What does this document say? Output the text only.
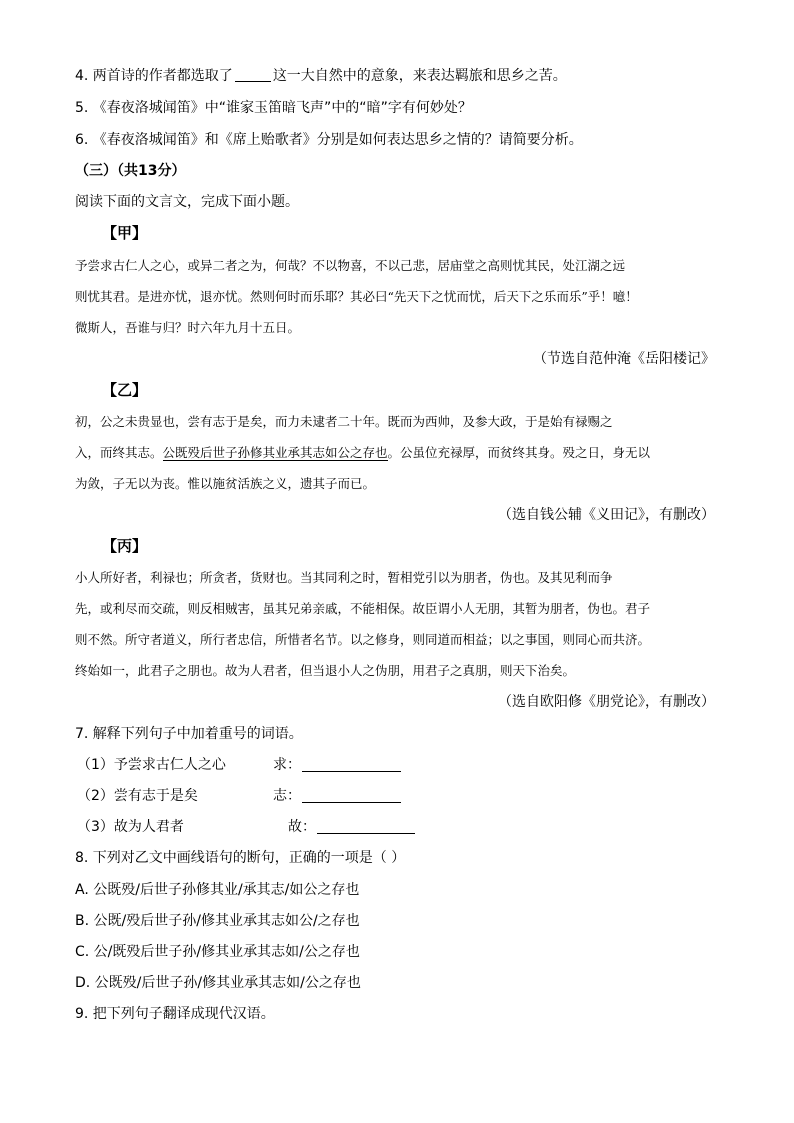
4. 两首诗的作者都选取了	这一大自然中的意象，来表达羁旅和思乡之苦。
5. 《春夜洛城闻笛》中“谁家玉笛暗飞声”中的“暗”字有何妙处？
6. 《春夜洛城闻笛》和《席上贻歌者》分别是如何表达思乡之情的？请简要分析。
（三）（共13分）
阅读下面的文言文，完成下面小题。
【甲】
予尝求古仁人之心，或异二者之为，何哉？不以物喜，不以己悲，居庙堂之高则忧其民，处江湖之远
则忧其君。是进亦忧，退亦忧。然则何时而乐耶？其必曰“先天下之忧而忧，后天下之乐而乐”乎！噫！
微斯人，吾谁与归？时六年九月十五日。
（节选自范仲淹《岳阳楼记》
【乙】
初，公之未贵显也，尝有志于是矣，而力未逮者二十年。既而为西帅，及参大政，于是始有禄赐之
入，而终其志。公既殁后世子孙修其业承其志如公之存也。公虽位充禄厚，而贫终其身。殁之日，身无以
为敛，子无以为丧。惟以施贫活族之义，遗其子而已。
（选自钱公辅《义田记》，有删改）
【丙】
小人所好者，利禄也；所贪者，货财也。当其同利之时，暂相党引以为朋者，伪也。及其见利而争
先，或利尽而交疏，则反相贼害，虽其兄弟亲戚，不能相保。故臣谓小人无朋，其暂为朋者，伪也。君子
则不然。所守者道义，所行者忠信，所惜者名节。以之修身，则同道而相益；以之事国，则同心而共济。
终始如一，此君子之朋也。故为人君者，但当退小人之伪朋，用君子之真朋，则天下治矣。
（选自欧阳修《朋党论》，有删改）
7. 解释下列句子中加着重号的词语。
（1）予尝求古仁人之心	求：
（2）尝有志于是矣	志：
（3）故为人君者	故：
8. 下列对乙文中画线语句的断句，正确的一项是（ ）
A. 公既殁/后世子孙修其业/承其志/如公之存也
B. 公既/殁后世子孙/修其业承其志如公/之存也
C. 公/既殁后世子孙/修其业承其志如/公之存也
D. 公既殁/后世子孙/修其业承其志如/公之存也
9. 把下列句子翻译成现代汉语。
